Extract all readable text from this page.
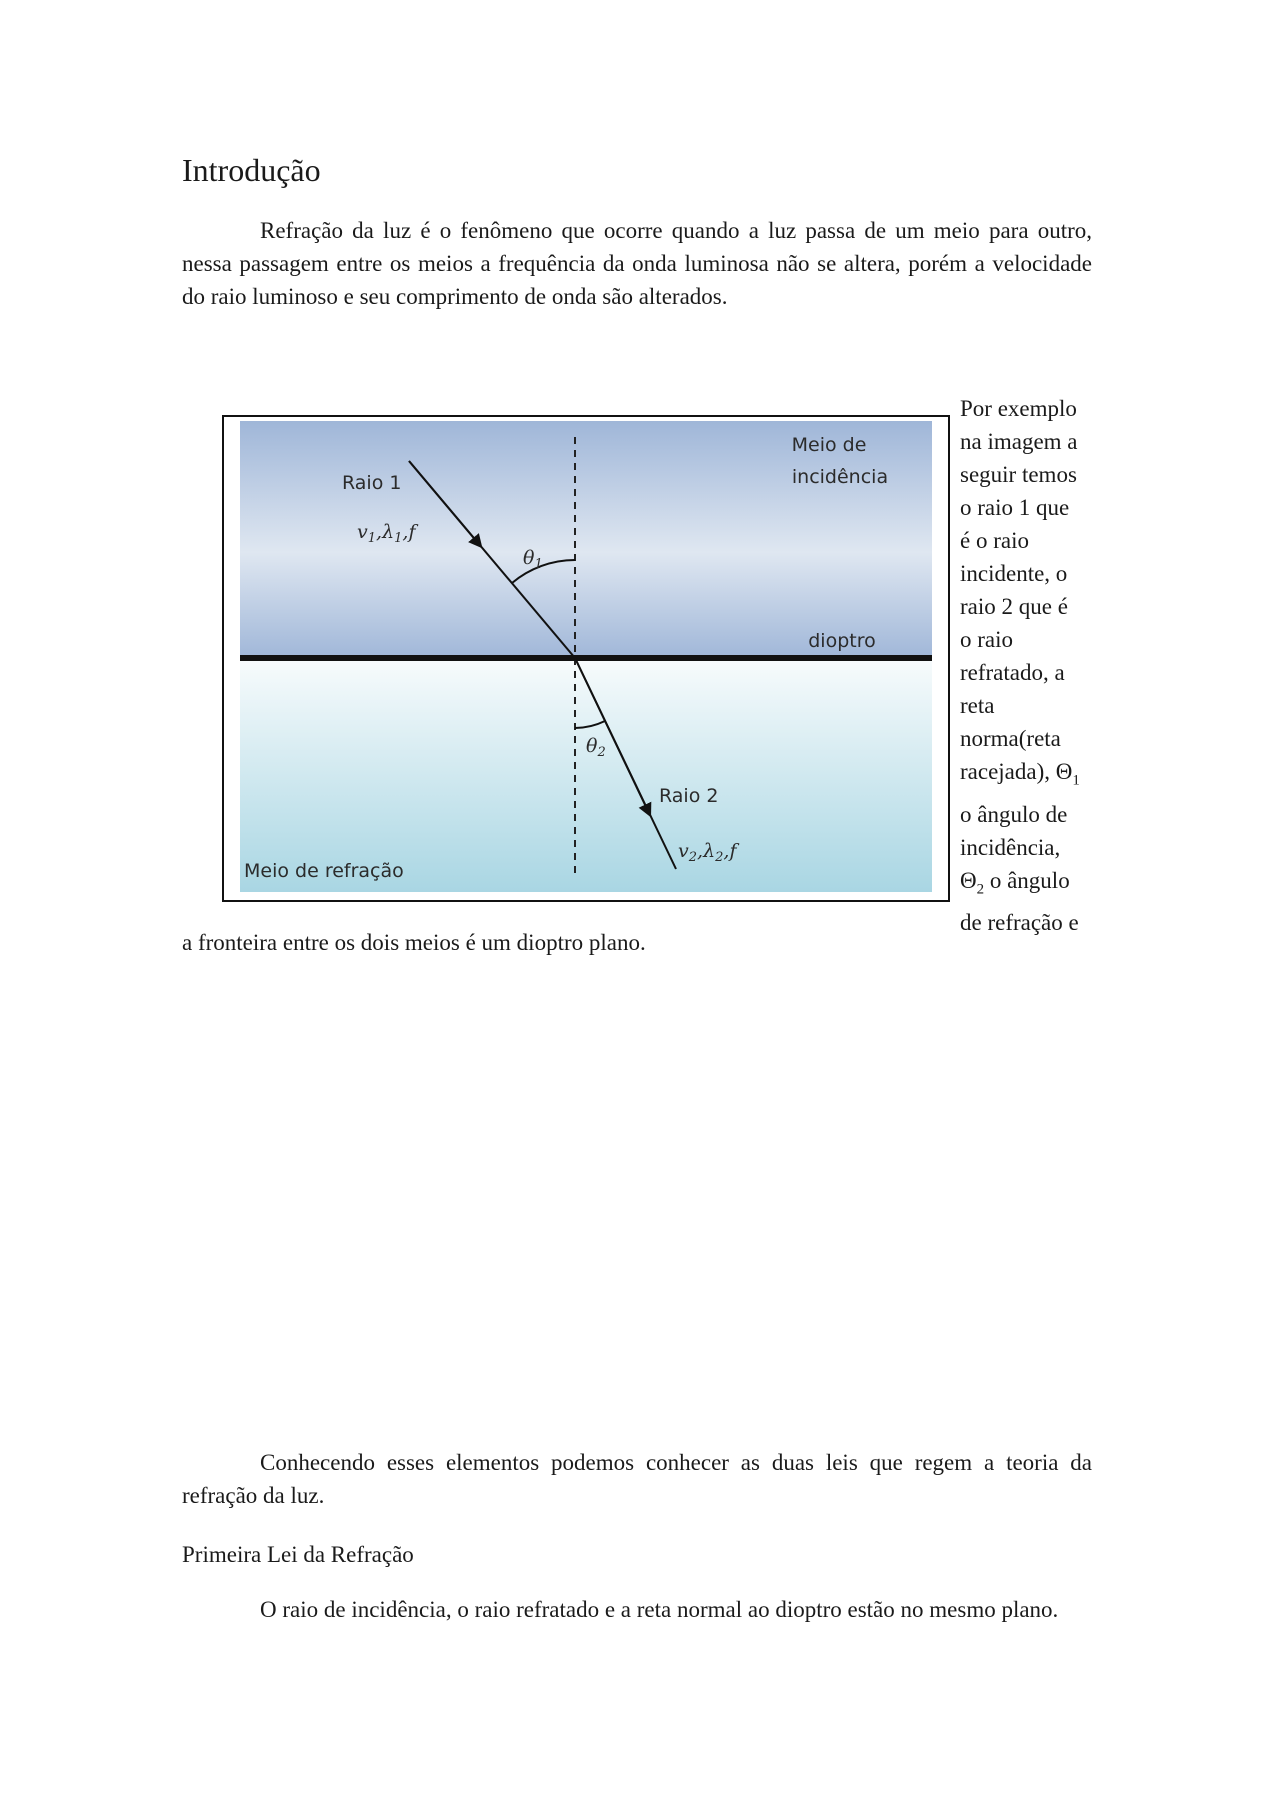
Introdução

Refração da luz é o fenômeno que ocorre quando a luz passa de um meio para outro, nessa passagem entre os meios a frequência da onda luminosa não se altera, porém a velocidade do raio luminoso e seu comprimento de onda são alterados.

Meio de
incidência
Raio 1
$v_1,\lambda_1,f$
$\theta_1$
dioptro
$\theta_2$
Raio 2
$v_2,\lambda_2,f$
Meio de refração

Por exemplo
na imagem a
seguir temos
o raio 1 que
é o raio
incidente, o
raio 2 que é
o raio
refratado, a
reta
norma(reta
racejada), $\Theta_1$
o ângulo de
incidência,
$\Theta_2$ o ângulo
de refração e

a fronteira entre os dois meios é um dioptro plano.

Conhecendo esses elementos podemos conhecer as duas leis que regem a teoria da refração da luz.

Primeira Lei da Refração

O raio de incidência, o raio refratado e a reta normal ao dioptro estão no mesmo plano.
